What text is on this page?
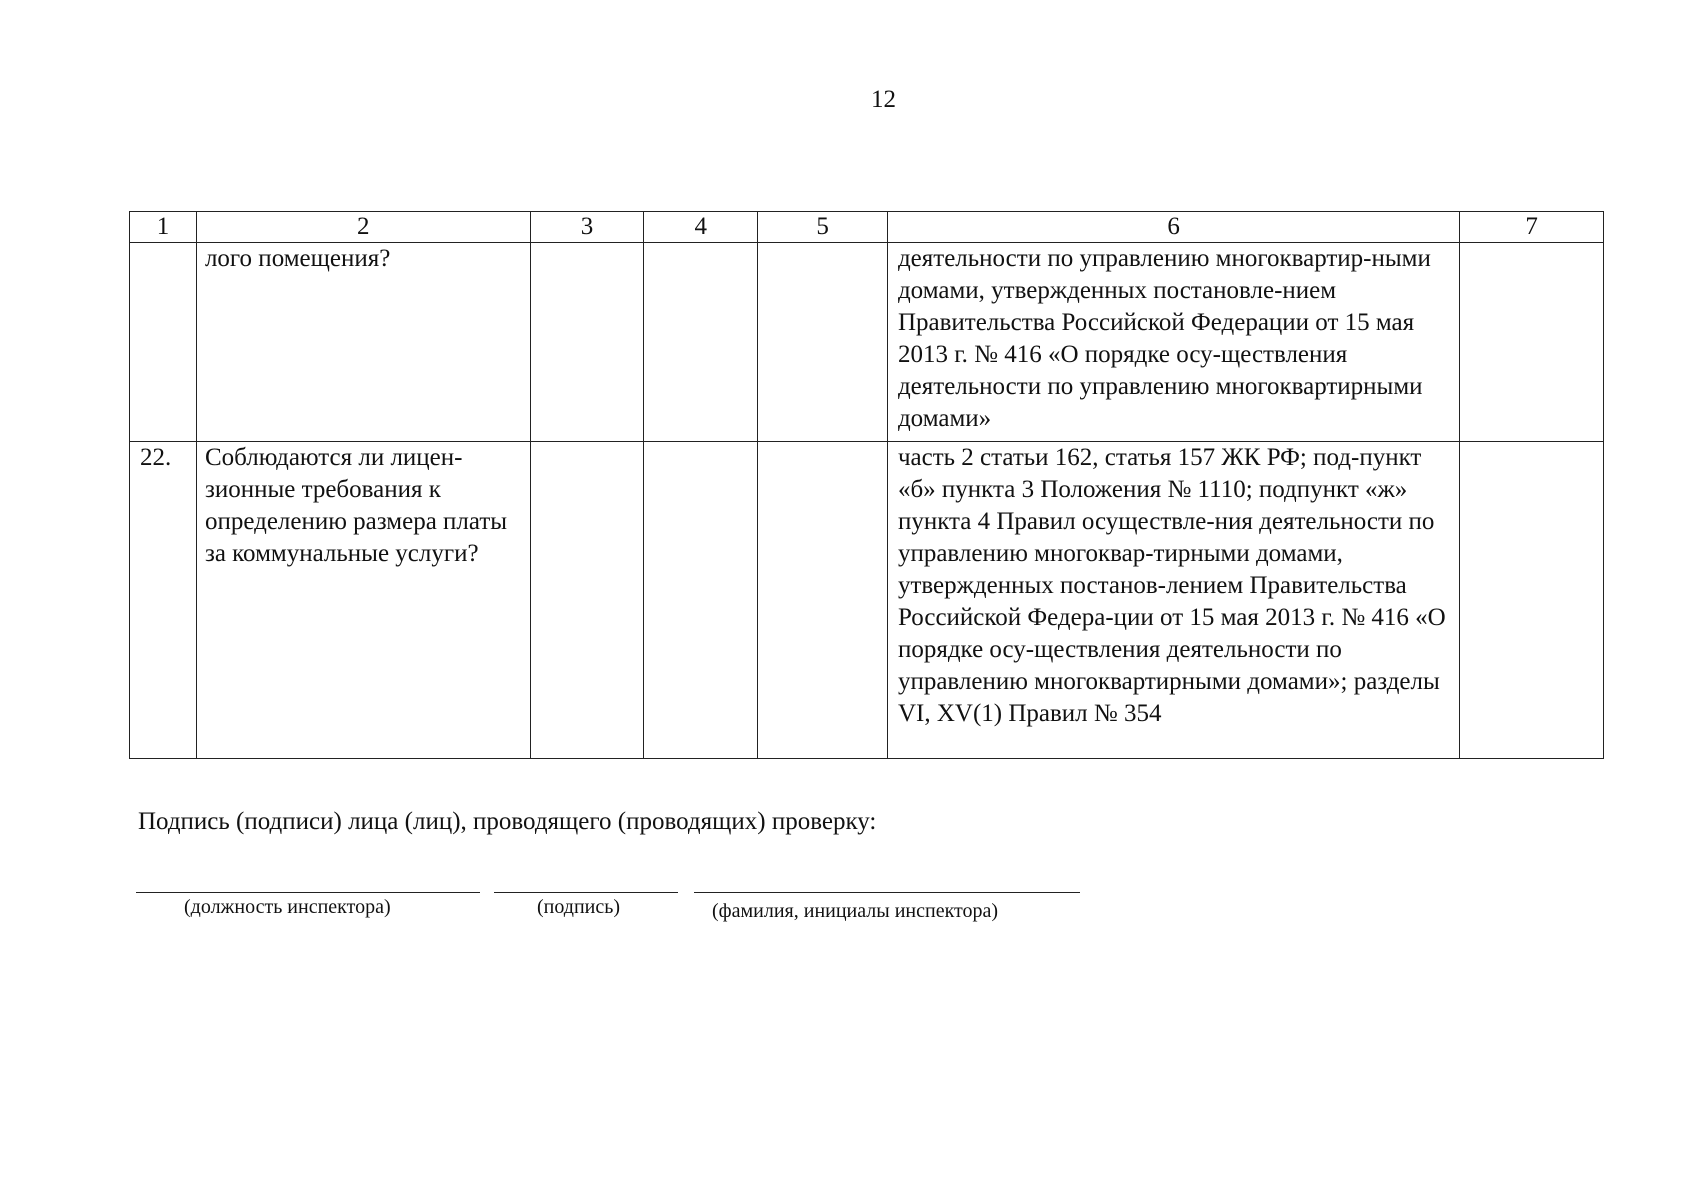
12
1	2	3	4	5	6	7
	лого помещения?				деятельности по управлению многоквартир-ными домами, утвержденных постановле-нием Правительства Российской Федерации от 15 мая 2013 г. № 416 «О порядке осу-ществления деятельности по управлению многоквартирными домами»	
22.	Соблюдаются ли лицен-зионные требования к определению размера платы за коммунальные услуги?				часть 2 статьи 162, статья 157 ЖК РФ; под-пункт «б» пункта 3 Положения № 1110; подпункт «ж» пункта 4 Правил осуществле-ния деятельности по управлению многоквар-тирными домами, утвержденных постанов-лением Правительства Российской Федера-ции от 15 мая 2013 г. № 416 «О порядке осу-ществления деятельности по управлению многоквартирными домами»; разделы VI, XV(1) Правил № 354	
Подпись (подписи) лица (лиц), проводящего (проводящих) проверку:
(должность инспектора)	(подпись)	(фамилия, инициалы инспектора)
